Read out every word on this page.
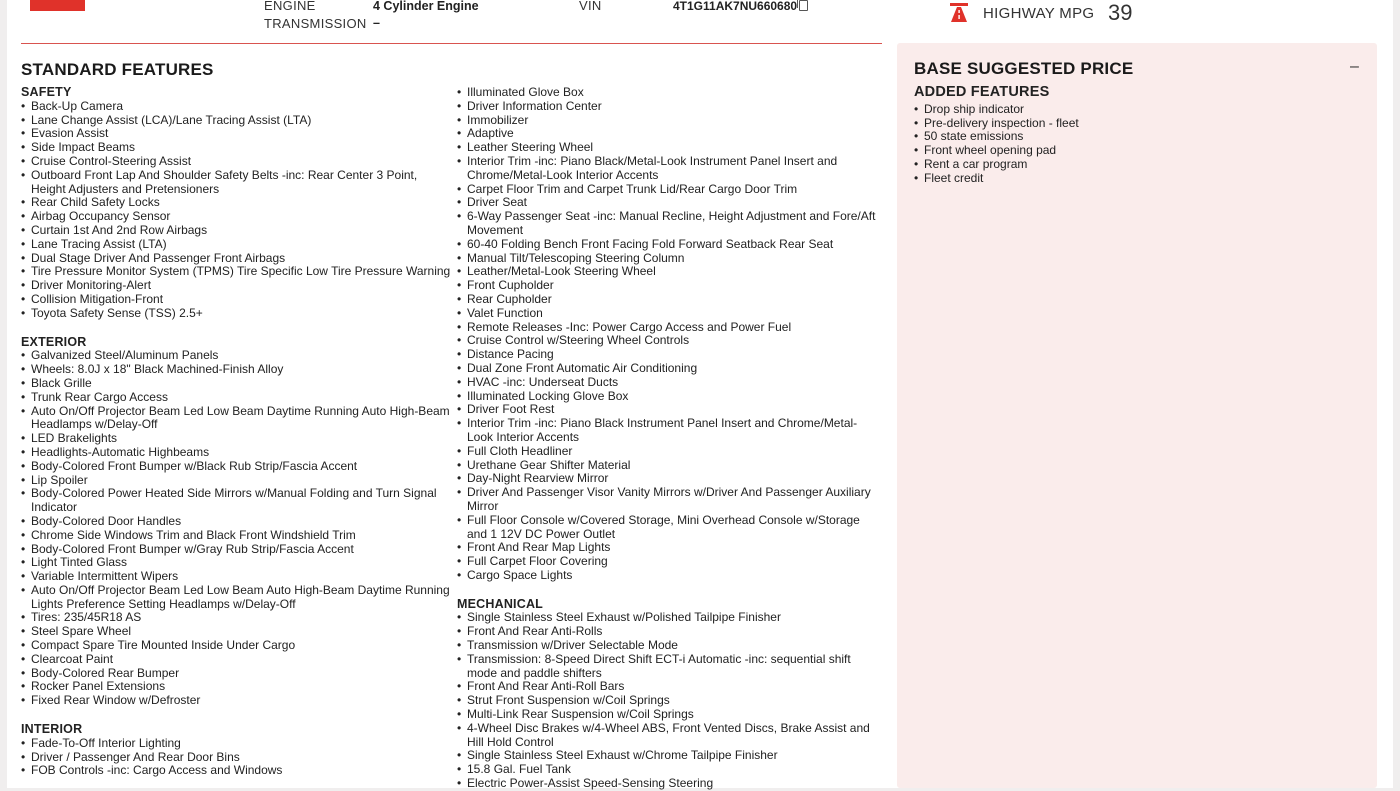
ENGINE	4 Cylinder Engine
TRANSMISSION –
VIN	4T1G11AK7NU660680	HIGHWAY MPG 39
STANDARD FEATURES
SAFETY
• Back-Up Camera
• Lane Change Assist (LCA)/Lane Tracing Assist (LTA)
• Evasion Assist
• Side Impact Beams
• Cruise Control-Steering Assist
• Outboard Front Lap And Shoulder Safety Belts -inc: Rear Center 3 Point, Height Adjusters and Pretensioners
• Rear Child Safety Locks
• Airbag Occupancy Sensor
• Curtain 1st And 2nd Row Airbags
• Lane Tracing Assist (LTA)
• Dual Stage Driver And Passenger Front Airbags
• Tire Pressure Monitor System (TPMS) Tire Specific Low Tire Pressure Warning
• Driver Monitoring-Alert
• Collision Mitigation-Front
• Toyota Safety Sense (TSS) 2.5+
EXTERIOR
• Galvanized Steel/Aluminum Panels
• Wheels: 8.0J x 18" Black Machined-Finish Alloy
• Black Grille
• Trunk Rear Cargo Access
• Auto On/Off Projector Beam Led Low Beam Daytime Running Auto High-Beam Headlamps w/Delay-Off
• LED Brakelights
• Headlights-Automatic Highbeams
• Body-Colored Front Bumper w/Black Rub Strip/Fascia Accent
• Lip Spoiler
• Body-Colored Power Heated Side Mirrors w/Manual Folding and Turn Signal Indicator
• Body-Colored Door Handles
• Chrome Side Windows Trim and Black Front Windshield Trim
• Body-Colored Front Bumper w/Gray Rub Strip/Fascia Accent
• Light Tinted Glass
• Variable Intermittent Wipers
• Auto On/Off Projector Beam Led Low Beam Auto High-Beam Daytime Running Lights Preference Setting Headlamps w/Delay-Off
• Tires: 235/45R18 AS
• Steel Spare Wheel
• Compact Spare Tire Mounted Inside Under Cargo
• Clearcoat Paint
• Body-Colored Rear Bumper
• Rocker Panel Extensions
• Fixed Rear Window w/Defroster
INTERIOR
• Fade-To-Off Interior Lighting
• Driver / Passenger And Rear Door Bins
• FOB Controls -inc: Cargo Access and Windows
• Illuminated Glove Box
• Driver Information Center
• Immobilizer
• Adaptive
• Leather Steering Wheel
• Interior Trim -inc: Piano Black/Metal-Look Instrument Panel Insert and Chrome/Metal-Look Interior Accents
• Carpet Floor Trim and Carpet Trunk Lid/Rear Cargo Door Trim
• Driver Seat
• 6-Way Passenger Seat -inc: Manual Recline, Height Adjustment and Fore/Aft Movement
• 60-40 Folding Bench Front Facing Fold Forward Seatback Rear Seat
• Manual Tilt/Telescoping Steering Column
• Leather/Metal-Look Steering Wheel
• Front Cupholder
• Rear Cupholder
• Valet Function
• Remote Releases -Inc: Power Cargo Access and Power Fuel
• Cruise Control w/Steering Wheel Controls
• Distance Pacing
• Dual Zone Front Automatic Air Conditioning
• HVAC -inc: Underseat Ducts
• Illuminated Locking Glove Box
• Driver Foot Rest
• Interior Trim -inc: Piano Black Instrument Panel Insert and Chrome/Metal-Look Interior Accents
• Full Cloth Headliner
• Urethane Gear Shifter Material
• Day-Night Rearview Mirror
• Driver And Passenger Visor Vanity Mirrors w/Driver And Passenger Auxiliary Mirror
• Full Floor Console w/Covered Storage, Mini Overhead Console w/Storage and 1 12V DC Power Outlet
• Front And Rear Map Lights
• Full Carpet Floor Covering
• Cargo Space Lights
MECHANICAL
• Single Stainless Steel Exhaust w/Polished Tailpipe Finisher
• Front And Rear Anti-Rolls
• Transmission w/Driver Selectable Mode
• Transmission: 8-Speed Direct Shift ECT-i Automatic -inc: sequential shift mode and paddle shifters
• Front And Rear Anti-Roll Bars
• Strut Front Suspension w/Coil Springs
• Multi-Link Rear Suspension w/Coil Springs
• 4-Wheel Disc Brakes w/4-Wheel ABS, Front Vented Discs, Brake Assist and Hill Hold Control
• Single Stainless Steel Exhaust w/Chrome Tailpipe Finisher
• 15.8 Gal. Fuel Tank
• Electric Power-Assist Speed-Sensing Steering
BASE SUGGESTED PRICE	–
ADDED FEATURES
• Drop ship indicator
• Pre-delivery inspection - fleet
• 50 state emissions
• Front wheel opening pad
• Rent a car program
• Fleet credit
